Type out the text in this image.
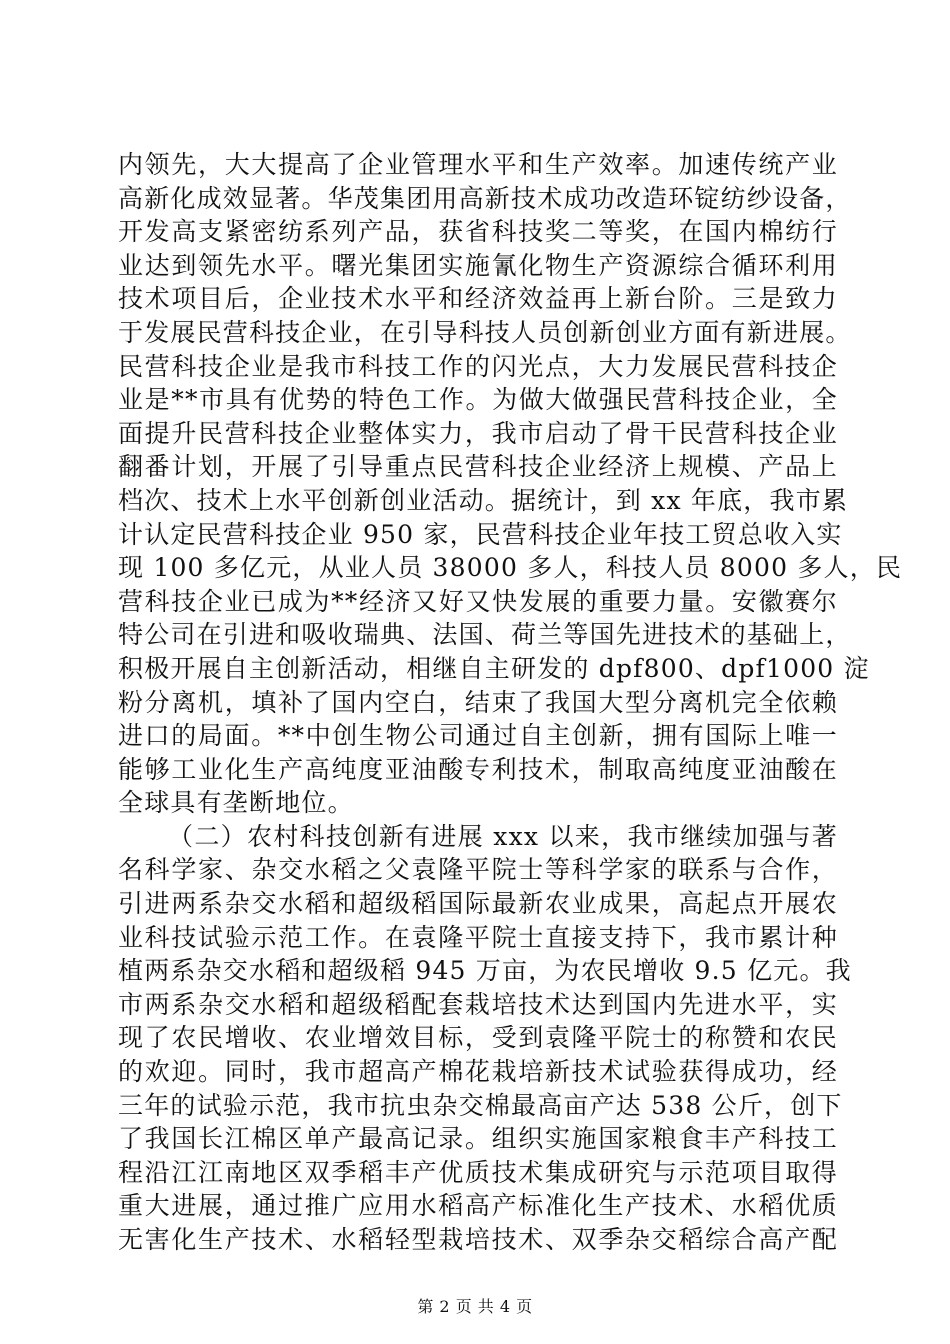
内领先，大大提高了企业管理水平和生产效率。加速传统产业
高新化成效显著。华茂集团用高新技术成功改造环锭纺纱设备，
开发高支紧密纺系列产品，获省科技奖二等奖，在国内棉纺行
业达到领先水平。曙光集团实施氰化物生产资源综合循环利用
技术项目后，企业技术水平和经济效益再上新台阶。三是致力
于发展民营科技企业，在引导科技人员创新创业方面有新进展。
民营科技企业是我市科技工作的闪光点，大力发展民营科技企
业是**市具有优势的特色工作。为做大做强民营科技企业，全
面提升民营科技企业整体实力，我市启动了骨干民营科技企业
翻番计划，开展了引导重点民营科技企业经济上规模、产品上
档次、技术上水平创新创业活动。据统计，到 xx 年底，我市累
计认定民营科技企业 950 家，民营科技企业年技工贸总收入实
现 100 多亿元，从业人员 38000 多人，科技人员 8000 多人，民
营科技企业已成为**经济又好又快发展的重要力量。安徽赛尔
特公司在引进和吸收瑞典、法国、荷兰等国先进技术的基础上，
积极开展自主创新活动，相继自主研发的 dpf800、dpf1000 淀
粉分离机，填补了国内空白，结束了我国大型分离机完全依赖
进口的局面。**中创生物公司通过自主创新，拥有国际上唯一
能够工业化生产高纯度亚油酸专利技术，制取高纯度亚油酸在
全球具有垄断地位。
（二）农村科技创新有进展 xxx 以来，我市继续加强与著
名科学家、杂交水稻之父袁隆平院士等科学家的联系与合作，
引进两系杂交水稻和超级稻国际最新农业成果，高起点开展农
业科技试验示范工作。在袁隆平院士直接支持下，我市累计种
植两系杂交水稻和超级稻 945 万亩，为农民增收 9.5 亿元。我
市两系杂交水稻和超级稻配套栽培技术达到国内先进水平，实
现了农民增收、农业增效目标，受到袁隆平院士的称赞和农民
的欢迎。同时，我市超高产棉花栽培新技术试验获得成功，经
三年的试验示范，我市抗虫杂交棉最高亩产达 538 公斤，创下
了我国长江棉区单产最高记录。组织实施国家粮食丰产科技工
程沿江江南地区双季稻丰产优质技术集成研究与示范项目取得
重大进展，通过推广应用水稻高产标准化生产技术、水稻优质
无害化生产技术、水稻轻型栽培技术、双季杂交稻综合高产配
第 2 页 共 4 页
